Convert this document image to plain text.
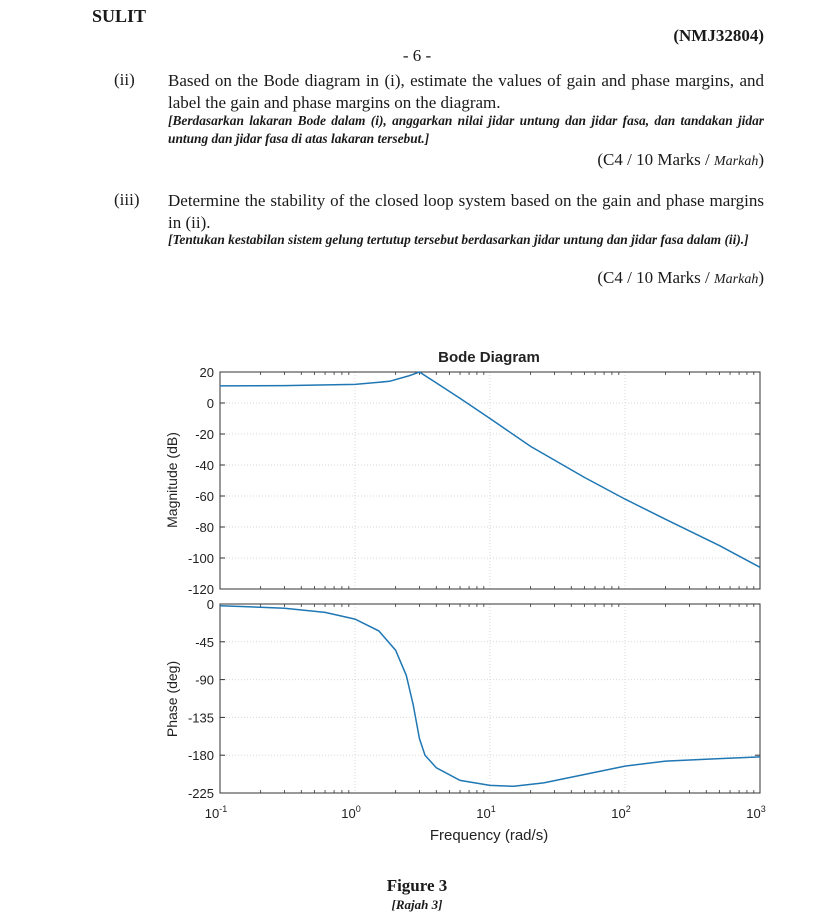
SULIT
(NMJ32804)
- 6 -
(ii) Based on the Bode diagram in (i), estimate the values of gain and phase margins, and label the gain and phase margins on the diagram.
[Berdasarkan lakaran Bode dalam (i), anggarkan nilai jidar untung dan jidar fasa, dan tandakan jidar untung dan jidar fasa di atas lakaran tersebut.]
(C4 / 10 Marks / Markah)
(iii) Determine the stability of the closed loop system based on the gain and phase margins in (ii).
[Tentukan kestabilan sistem gelung tertutup tersebut berdasarkan jidar untung dan jidar fasa dalam (ii).]
(C4 / 10 Marks / Markah)
Bode Diagram
20
0
-20
-40
-60
-80
-100
-120
0
-45
-90
-135
-180
-225
$10^{-1}$	$10^0$	$10^1$	$10^2$	$10^3$
Magnitude (dB)
Phase (deg)
Frequency (rad/s)
Figure 3
[Rajah 3]
